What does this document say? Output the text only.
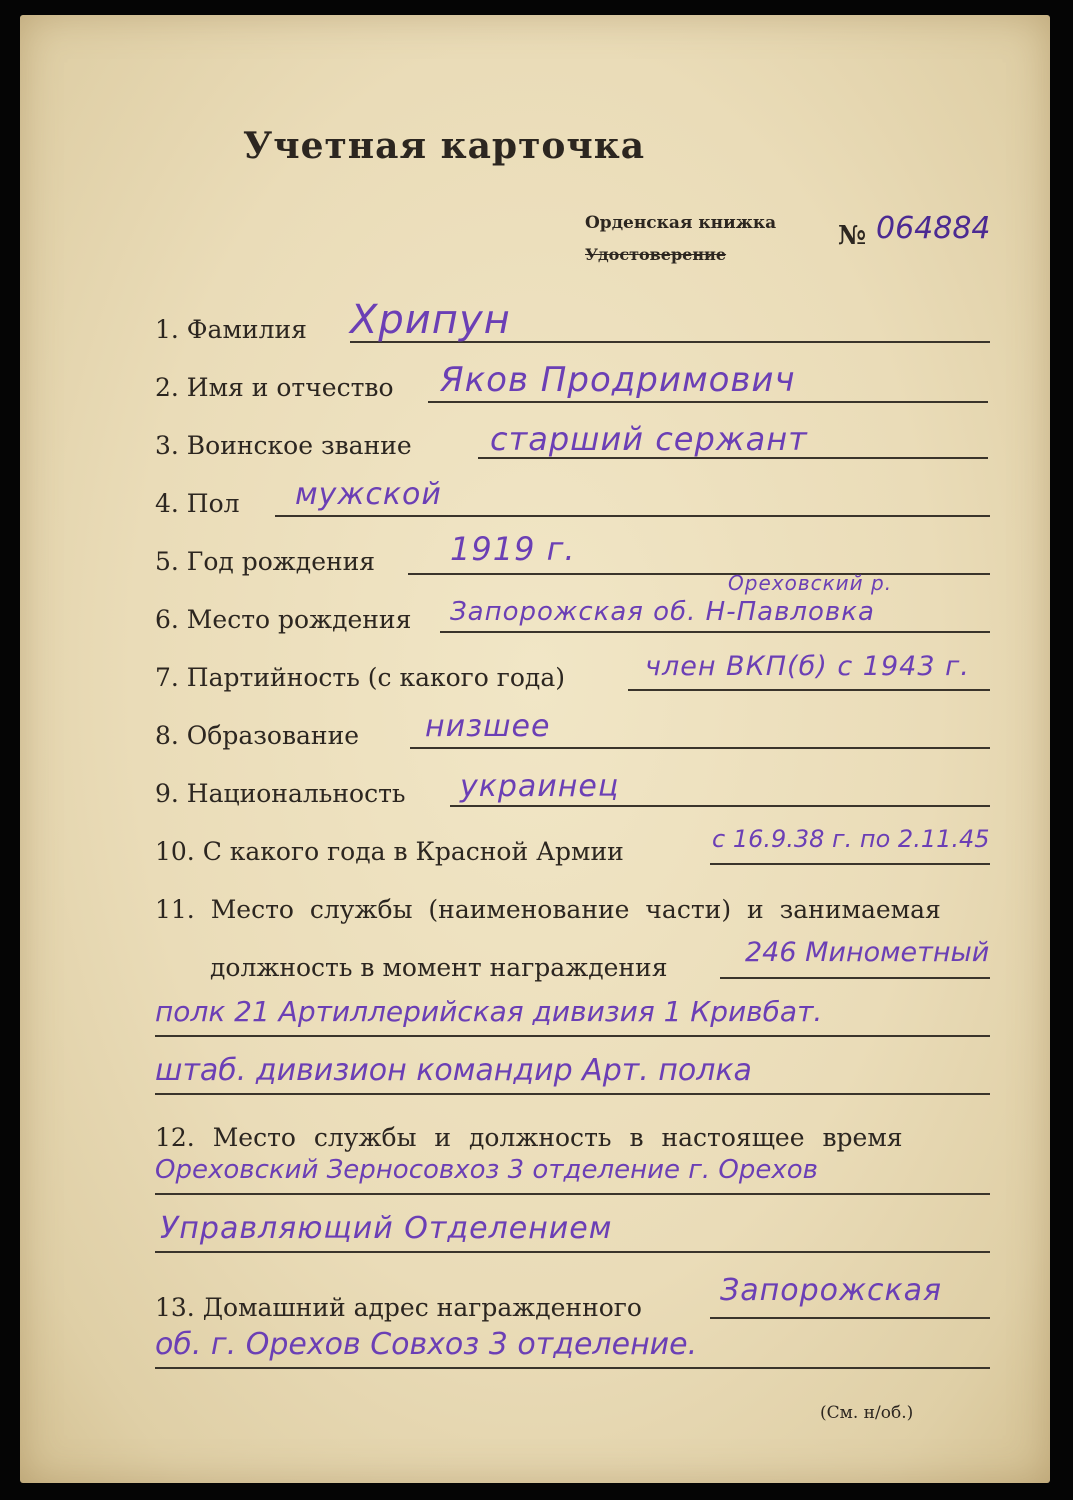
Учетная карточка
Орденская книжка
Удостоверение
№ 064884
1. Фамилия Хрипун
2. Имя и отчество Яков Продримович
3. Воинское звание старший сержант
4. Пол мужской
5. Год рождения 1919 г.
Ореховский р.
6. Место рождения Запорожская об. Н-Павловка
7. Партийность (с какого года)	член ВКП(б) с 1943 г.
8. Образование низшее
9. Национальность украинец
10. С какого года в Красной Армии	с 16.9.38 г. по 2.11.45
11. Место службы (наименование части) и занимаемая
должность в момент награждения	246 Минометный
полк 21 Артиллерийская дивизия 1 Кривбат.
штаб. дивизион командир Арт. полка
12. Место службы и должность в настоящее время
Ореховский Зерносовхоз 3 отделение г. Орехов
Управляющий Отделением
13. Домашний адрес награжденного	Запорожская
об. г. Орехов Совхоз 3 отделение.
(См. н/об.)
